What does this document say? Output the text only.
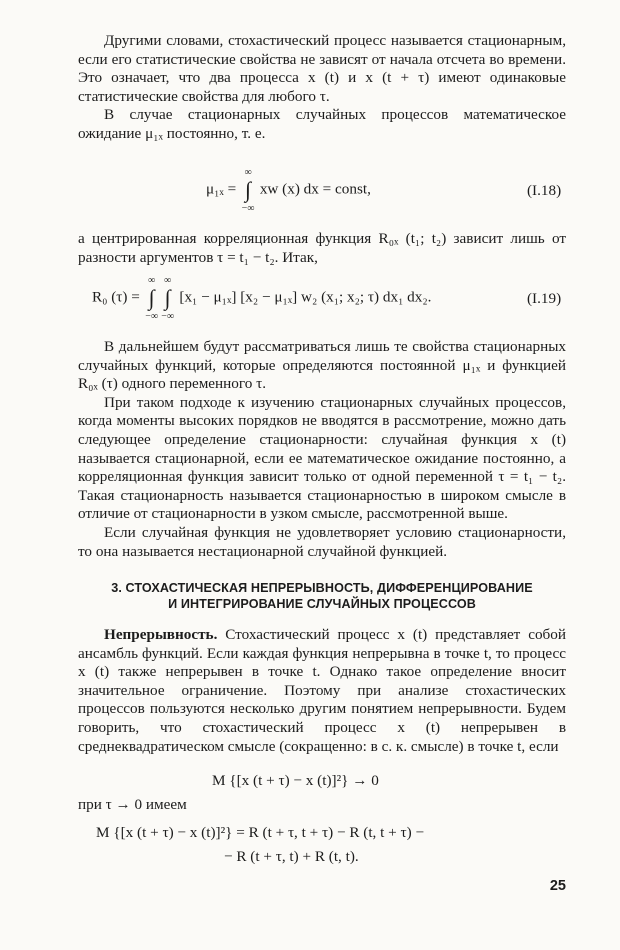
Другими словами, стохастический процесс называется стационарным, если его статистические свойства не зависят от начала отсчета во времени. Это означает, что два процесса x (t) и x (t + τ) имеют одинаковые статистические свойства для любого τ.

В случае стационарных случайных процессов математическое ожидание μ₁ₓ постоянно, т. е.

μ₁ₓ =
∞
∫
−∞
xw (x) dx = const,	(I.18)

а центрированная корреляционная функция R₀ₓ (t₁; t₂) зависит лишь от разности аргументов τ = t₁ − t₂. Итак,

R₀ (τ) =
∞
∫
−∞
∞
∫
−∞
[x₁ − μ₁ₓ] [x₂ − μ₁ₓ] w₂ (x₁; x₂; τ) dx₁ dx₂.	(I.19)

В дальнейшем будут рассматриваться лишь те свойства стационарных случайных функций, которые определяются постоянной μ₁ₓ и функцией R₀ₓ (τ) одного переменного τ.

При таком подходе к изучению стационарных случайных процессов, когда моменты высоких порядков не вводятся в рассмотрение, можно дать следующее определение стационарности: случайная функция x (t) называется стационарной, если ее математическое ожидание постоянно, а корреляционная функция зависит только от одной переменной τ = t₁ − t₂. Такая стационарность называется стационарностью в широком смысле в отличие от стационарности в узком смысле, рассмотренной выше.

Если случайная функция не удовлетворяет условию стационарности, то она называется нестационарной случайной функцией.

3. СТОХАСТИЧЕСКАЯ НЕПРЕРЫВНОСТЬ, ДИФФЕРЕНЦИРОВАНИЕ
И ИНТЕГРИРОВАНИЕ СЛУЧАЙНЫХ ПРОЦЕССОВ

Непрерывность. Стохастический процесс x (t) представляет собой ансамбль функций. Если каждая функция непрерывна в точке t, то процесс x (t) также непрерывен в точке t. Однако такое определение вносит значительное ограничение. Поэтому при анализе стохастических процессов пользуются несколько другим понятием непрерывности. Будем говорить, что стохастический процесс x (t) непрерывен в среднеквадратическом смысле (сокращенно: в с. к. смысле) в точке t, если

M {[x (t + τ) − x (t)]²} → 0

при τ → 0 имеем

M {[x (t + τ) − x (t)]²} = R (t + τ, t + τ) − R (t, t + τ) −
− R (t + τ, t) + R (t, t).
25
